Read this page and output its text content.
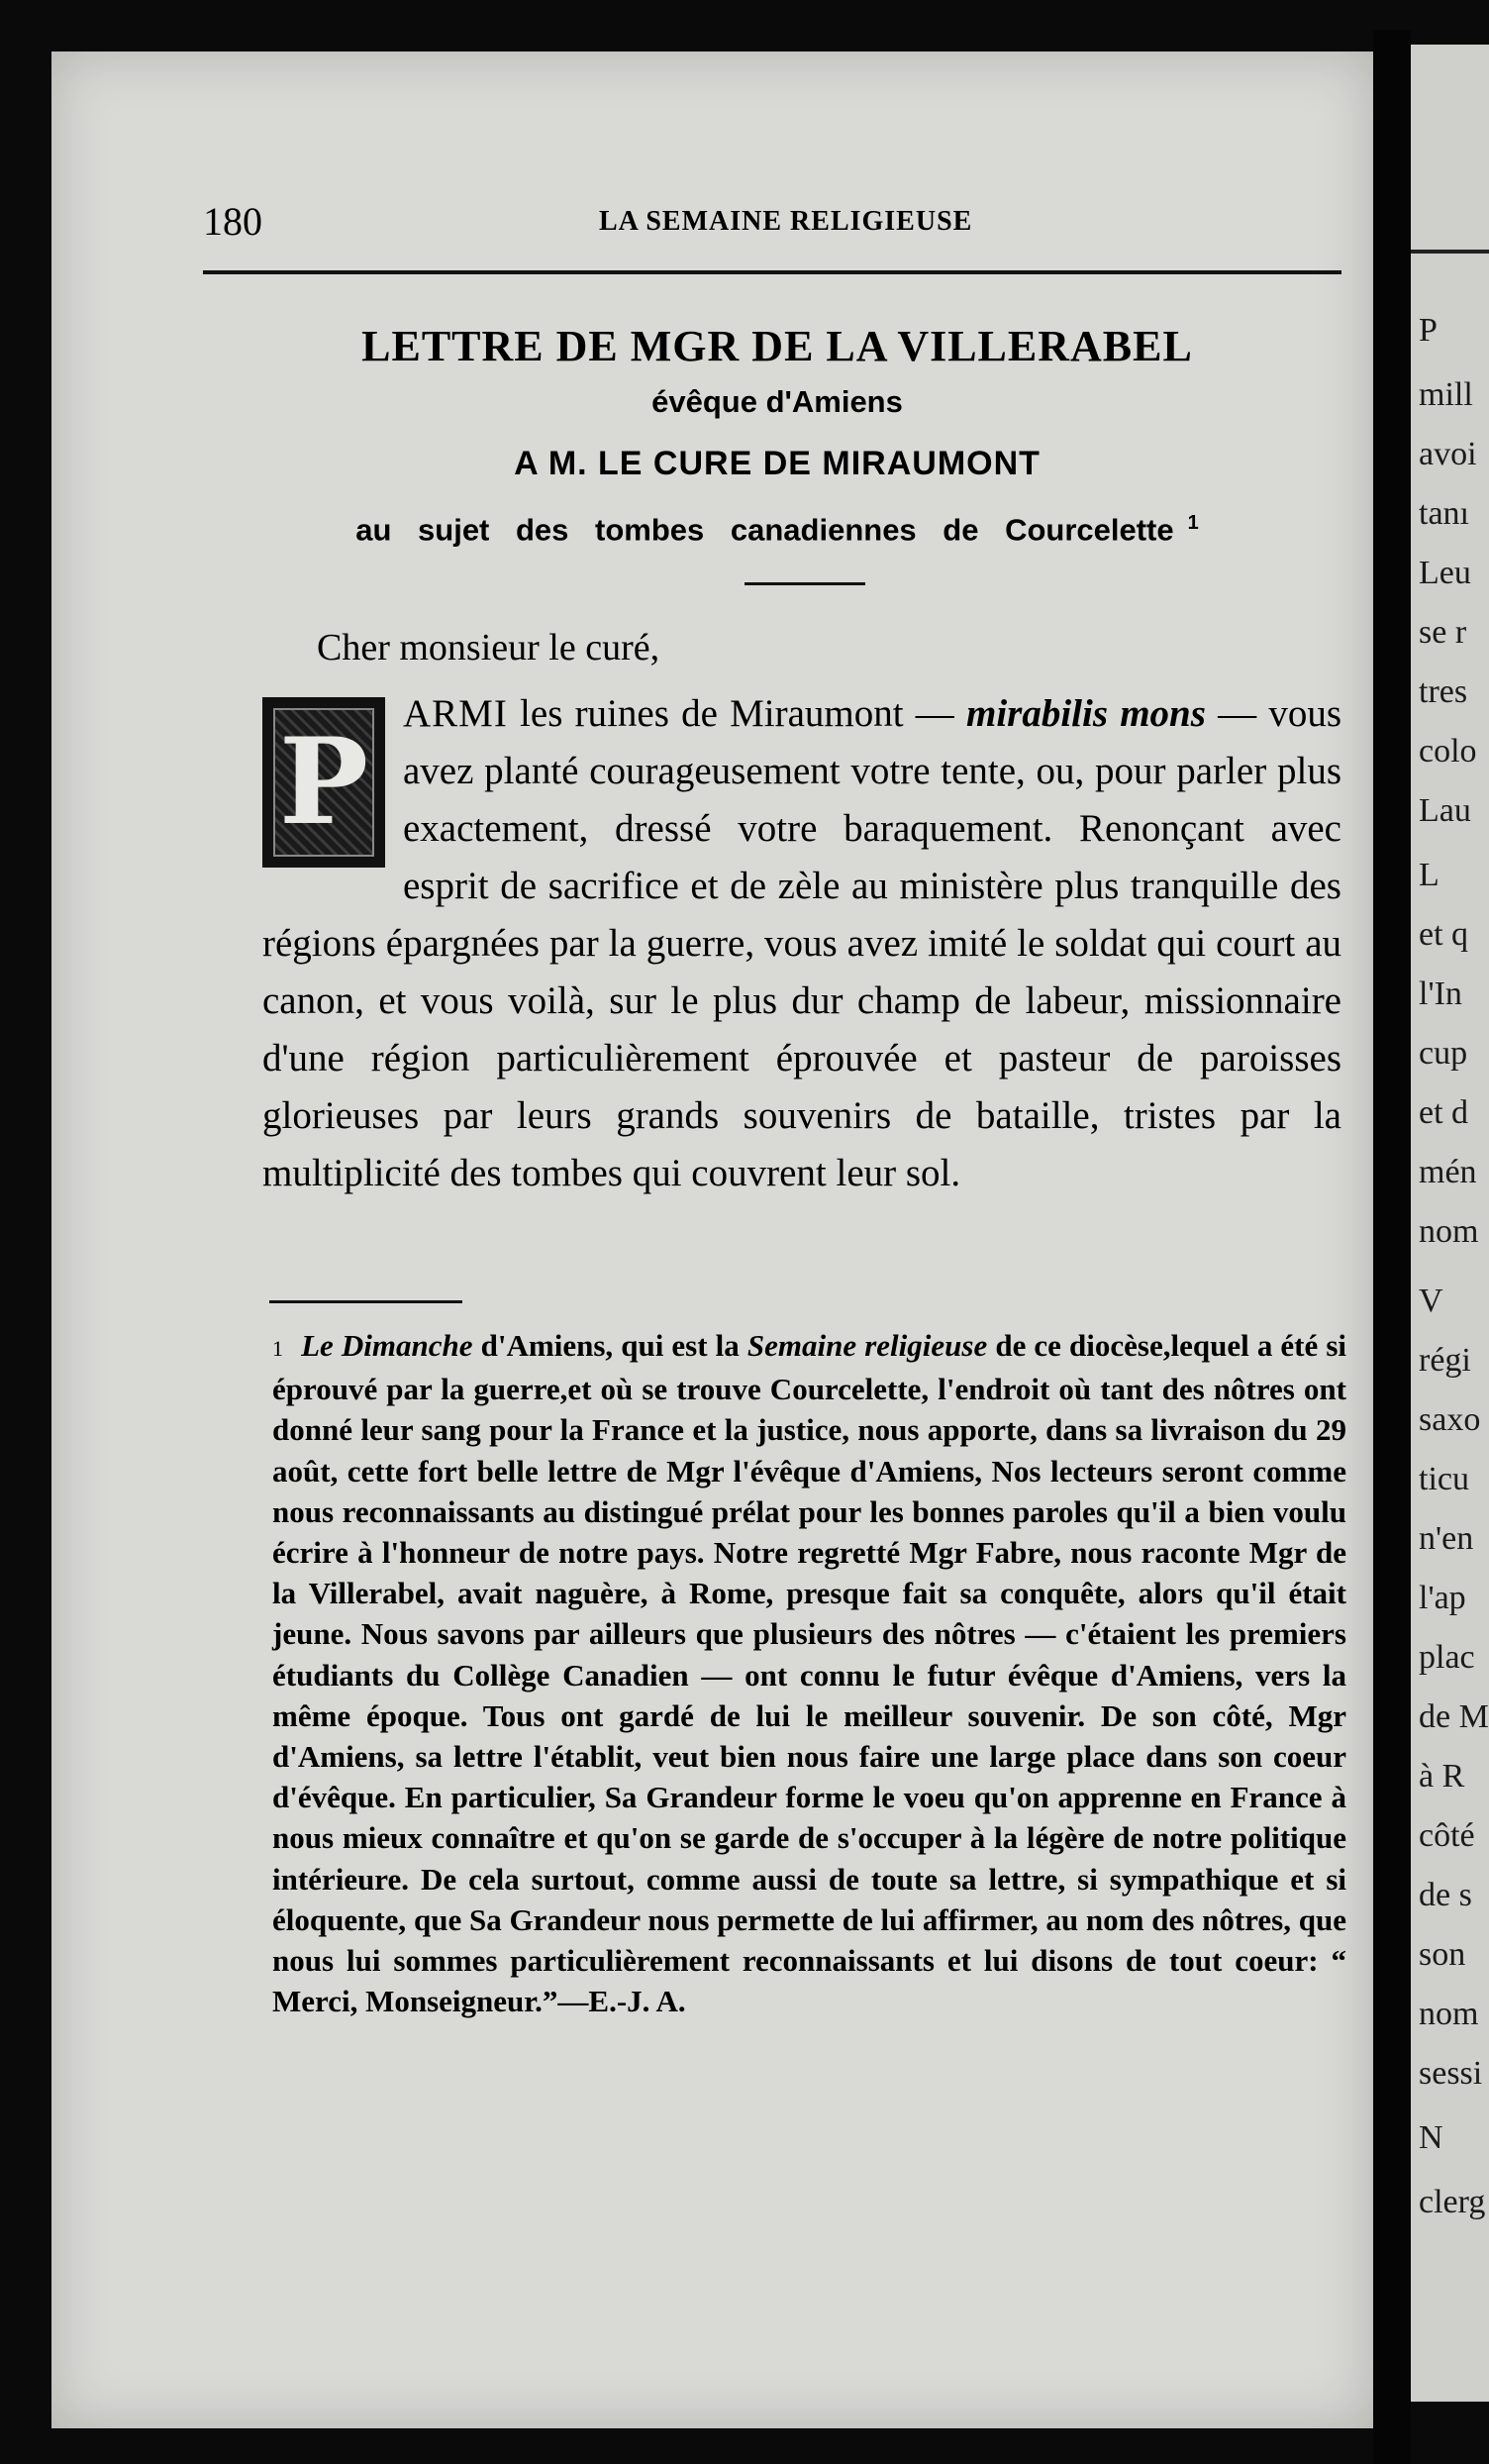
180	LA SEMAINE RELIGIEUSE
LETTRE DE MGR DE LA VILLERABEL
évêque d'Amiens
A M. LE CURE DE MIRAUMONT
au sujet des tombes canadiennes de Courcelette $^1$
Cher monsieur le curé,
P ARMI les ruines de Miraumont — mirabilis mons — vous avez planté courageusement votre tente, ou, pour parler plus exactement, dressé votre baraquement. Renonçant avec esprit de sacrifice et de zèle au ministère plus tranquille des régions épargnées par la guerre, vous avez imité le soldat qui court au canon, et vous voilà, sur le plus dur champ de labeur, missionnaire d'une région particulièrement éprouvée et pasteur de paroisses glorieuses par leurs grands souvenirs de bataille, tristes par la multiplicité des tombes qui couvrent leur sol.
1 Le Dimanche d'Amiens, qui est la Semaine religieuse de ce diocèse,lequel a été si éprouvé par la guerre,et où se trouve Courcelette, l'endroit où tant des nôtres ont donné leur sang pour la France et la justice, nous apporte, dans sa livraison du 29 août, cette fort belle lettre de Mgr l'évêque d'Amiens, Nos lecteurs seront comme nous reconnaissants au distingué prélat pour les bonnes paroles qu'il a bien voulu écrire à l'honneur de notre pays. Notre regretté Mgr Fabre, nous raconte Mgr de la Villerabel, avait naguère, à Rome, presque fait sa conquête, alors qu'il était jeune. Nous savons par ailleurs que plusieurs des nôtres — c'étaient les premiers étudiants du Collège Canadien — ont connu le futur évêque d'Amiens, vers la même époque. Tous ont gardé de lui le meilleur souvenir. De son côté, Mgr d'Amiens, sa lettre l'établit, veut bien nous faire une large place dans son coeur d'évêque. En particulier, Sa Grandeur forme le voeu qu'on apprenne en France à nous mieux connaître et qu'on se garde de s'occuper à la légère de notre politique intérieure. De cela surtout, comme aussi de toute sa lettre, si sympathique et si éloquente, que Sa Grandeur nous permette de lui affirmer, au nom des nôtres, que nous lui sommes particulièrement reconnaissants et lui disons de tout coeur: “ Merci, Monseigneur.”—E.-J. A.
P
mill
avoi
tanı
Leu
se r
tres
colo
Lau
L
et q
l'In
cup
et d
mén
nom
V
régi
saxo
ticu
n'en
l'ap
plac
de M
à R
côté
de s
son
nom
sessi
N
clerg
